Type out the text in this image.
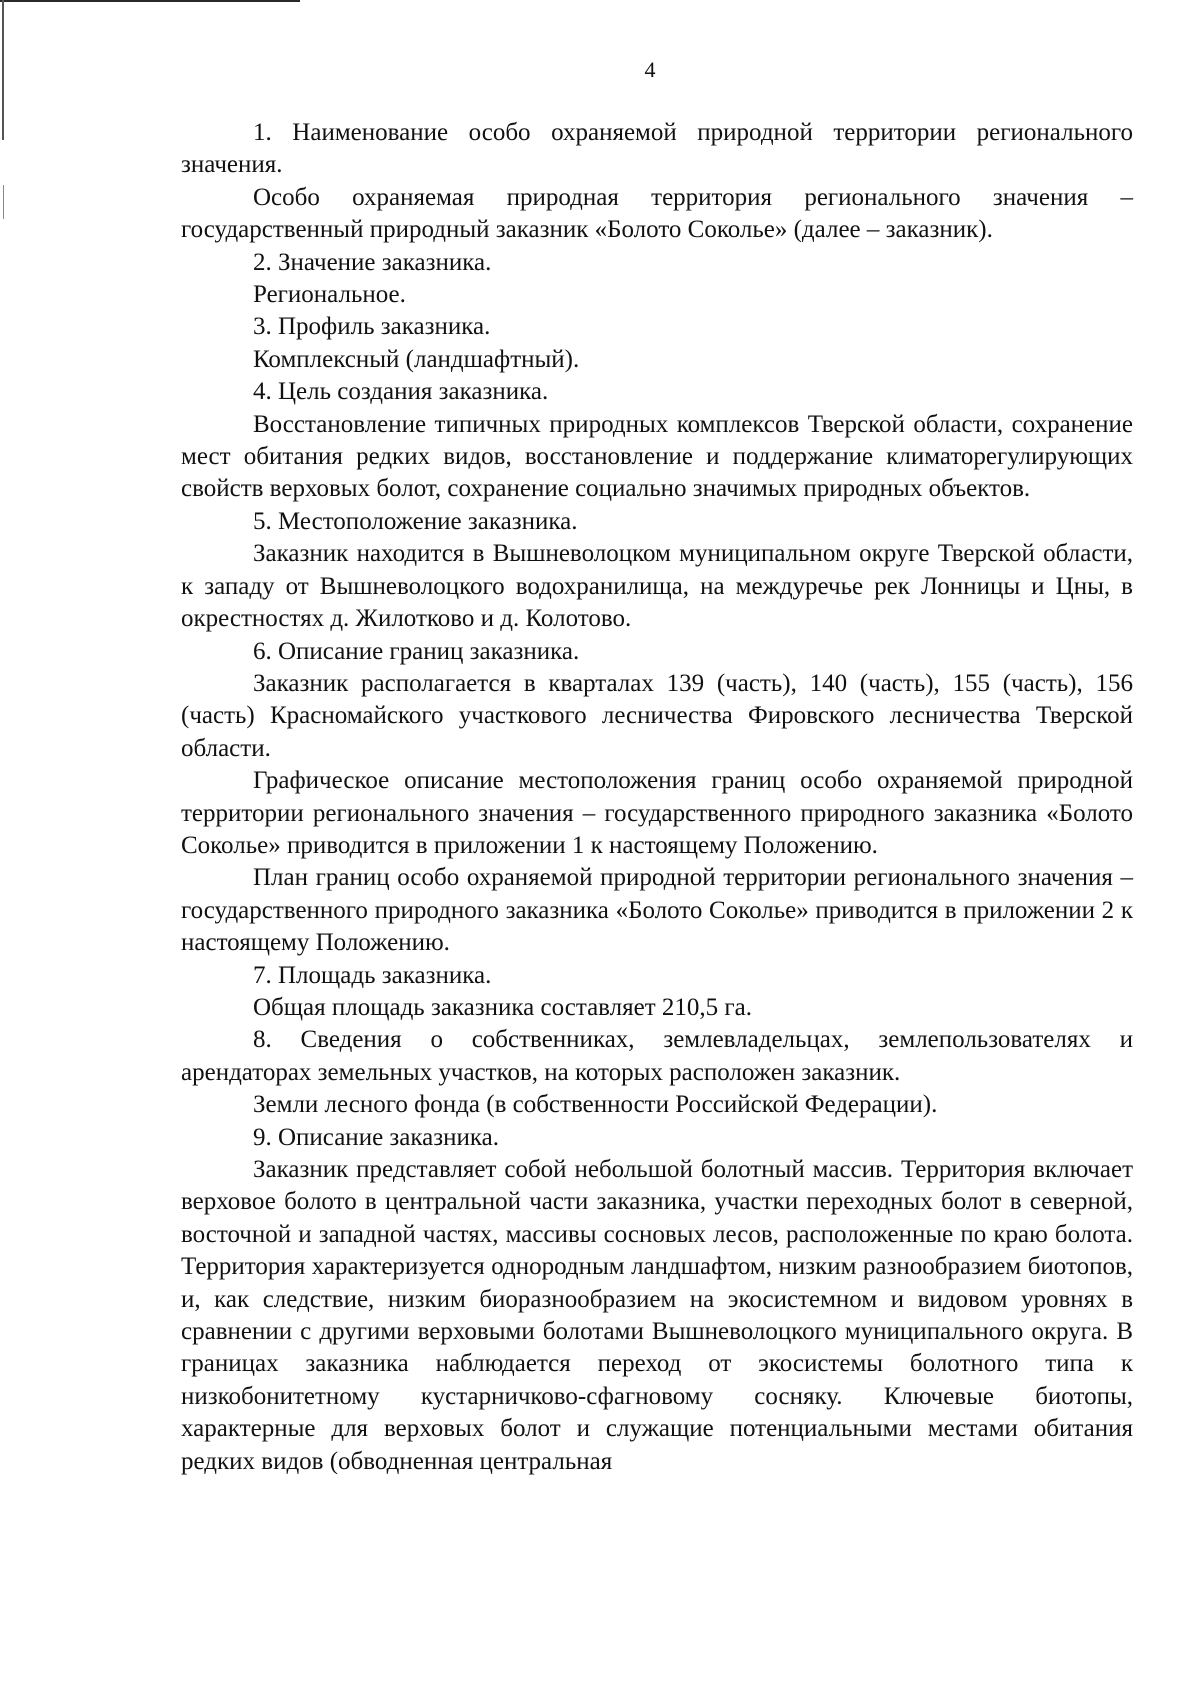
4

1. Наименование особо охраняемой природной территории регионального значения.

Особо охраняемая природная территория регионального значения – государственный природный заказник «Болото Соколье» (далее – заказник).

2. Значение заказника.

Региональное.

3. Профиль заказника.

Комплексный (ландшафтный).

4. Цель создания заказника.

Восстановление типичных природных комплексов Тверской области, сохранение мест обитания редких видов, восстановление и поддержание климаторегулирующих свойств верховых болот, сохранение социально значимых природных объектов.

5. Местоположение заказника.

Заказник находится в Вышневолоцком муниципальном округе Тверской области, к западу от Вышневолоцкого водохранилища, на междуречье рек Лонницы и Цны, в окрестностях д. Жилотково и д. Колотово.

6. Описание границ заказника.

Заказник располагается в кварталах 139 (часть), 140 (часть), 155 (часть), 156 (часть) Красномайского участкового лесничества Фировского лесничества Тверской области.

Графическое описание местоположения границ особо охраняемой природной территории регионального значения – государственного природного заказника «Болото Соколье» приводится в приложении 1 к настоящему Положению.

План границ особо охраняемой природной территории регионального значения – государственного природного заказника «Болото Соколье» приводится в приложении 2 к настоящему Положению.

7. Площадь заказника.

Общая площадь заказника составляет 210,5 га.

8. Сведения о собственниках, землевладельцах, землепользователях и арендаторах земельных участков, на которых расположен заказник.

Земли лесного фонда (в собственности Российской Федерации).

9. Описание заказника.

Заказник представляет собой небольшой болотный массив. Территория включает верховое болото в центральной части заказника, участки переходных болот в северной, восточной и западной частях, массивы сосновых лесов, расположенные по краю болота. Территория характеризуется однородным ландшафтом, низким разнообразием биотопов, и, как следствие, низким биоразнообразием на экосистемном и видовом уровнях в сравнении с другими верховыми болотами Вышневолоцкого муниципального округа. В границах заказника наблюдается переход от экосистемы болотного типа к низкобонитетному кустарничково-сфагновому сосняку. Ключевые биотопы, характерные для верховых болот и служащие потенциальными местами обитания редких видов (обводненная центральная
